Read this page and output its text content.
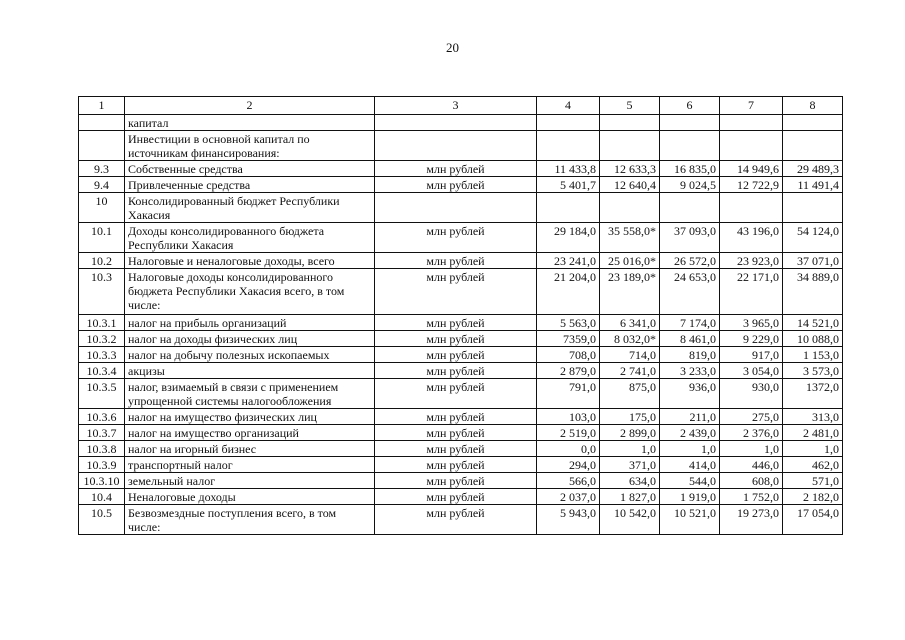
20
1	2	3	4	5	6	7	8
	капитал						
	Инвестиции в основной капитал по источникам финансирования:						
9.3	Собственные средства	млн рублей	11 433,8	12 633,3	16 835,0	14 949,6	29 489,3
9.4	Привлеченные средства	млн рублей	5 401,7	12 640,4	9 024,5	12 722,9	11 491,4
10	Консолидированный бюджет Республики Хакасия						
10.1	Доходы консолидированного бюджета Республики Хакасия	млн рублей	29 184,0	35 558,0*	37 093,0	43 196,0	54 124,0
10.2	Налоговые и неналоговые доходы, всего	млн рублей	23 241,0	25 016,0*	26 572,0	23 923,0	37 071,0
10.3	Налоговые доходы консолидированного бюджета Республики Хакасия всего, в том числе:	млн рублей	21 204,0	23 189,0*	24 653,0	22 171,0	34 889,0
10.3.1	налог на прибыль организаций	млн рублей	5 563,0	6 341,0	7 174,0	3 965,0	14 521,0
10.3.2	налог на доходы физических лиц	млн рублей	7359,0	8 032,0*	8 461,0	9 229,0	10 088,0
10.3.3	налог на добычу полезных ископаемых	млн рублей	708,0	714,0	819,0	917,0	1 153,0
10.3.4	акцизы	млн рублей	2 879,0	2 741,0	3 233,0	3 054,0	3 573,0
10.3.5	налог, взимаемый в связи с применением упрощенной системы налогообложения	млн рублей	791,0	875,0	936,0	930,0	1372,0
10.3.6	налог на имущество физических лиц	млн рублей	103,0	175,0	211,0	275,0	313,0
10.3.7	налог на имущество организаций	млн рублей	2 519,0	2 899,0	2 439,0	2 376,0	2 481,0
10.3.8	налог на игорный бизнес	млн рублей	0,0	1,0	1,0	1,0	1,0
10.3.9	транспортный налог	млн рублей	294,0	371,0	414,0	446,0	462,0
10.3.10	земельный налог	млн рублей	566,0	634,0	544,0	608,0	571,0
10.4	Неналоговые доходы	млн рублей	2 037,0	1 827,0	1 919,0	1 752,0	2 182,0
10.5	Безвозмездные поступления всего, в том числе:	млн рублей	5 943,0	10 542,0	10 521,0	19 273,0	17 054,0
